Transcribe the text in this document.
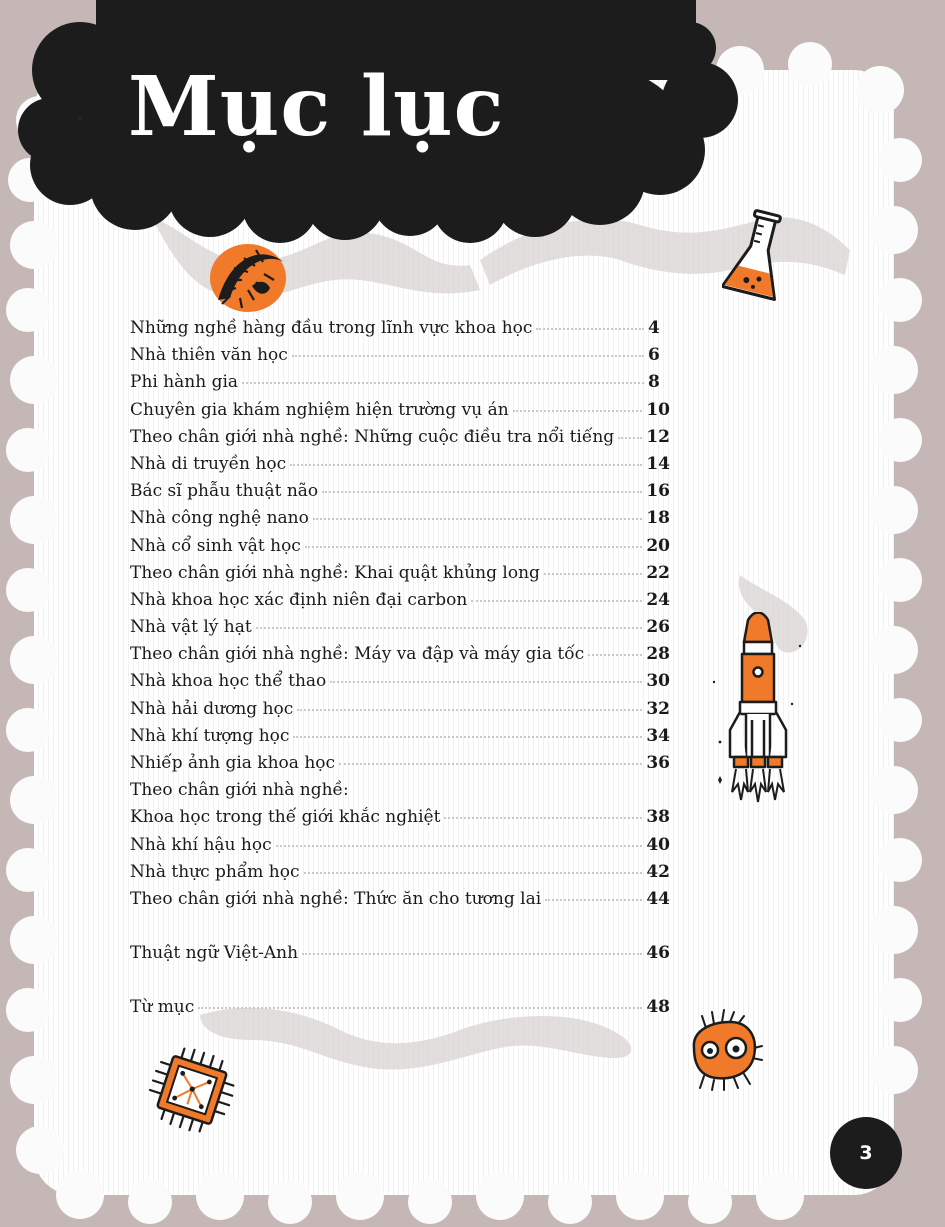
Mục lục
Những nghề hàng đầu trong lĩnh vực khoa học	4
Nhà thiên văn học	6
Phi hành gia	8
Chuyên gia khám nghiệm hiện trường vụ án	10
Theo chân giới nhà nghề: Những cuộc điều tra nổi tiếng 12
Nhà di truyền học	14
Bác sĩ phẫu thuật não	16
Nhà công nghệ nano	18
Nhà cổ sinh vật học	20
Theo chân giới nhà nghề: Khai quật khủng long	22
Nhà khoa học xác định niên đại carbon	24
Nhà vật lý hạt	26
Theo chân giới nhà nghề: Máy va đập và máy gia tốc	28
Nhà khoa học thể thao	30
Nhà hải dương học	32
Nhà khí tượng học	34
Nhiếp ảnh gia khoa học	36
Theo chân giới nhà nghề:
Khoa học trong thế giới khắc nghiệt	38
Nhà khí hậu học	40
Nhà thực phẩm học	42
Theo chân giới nhà nghề: Thức ăn cho tương lai	44
Thuật ngữ Việt-Anh	46
Từ mục	48
3
